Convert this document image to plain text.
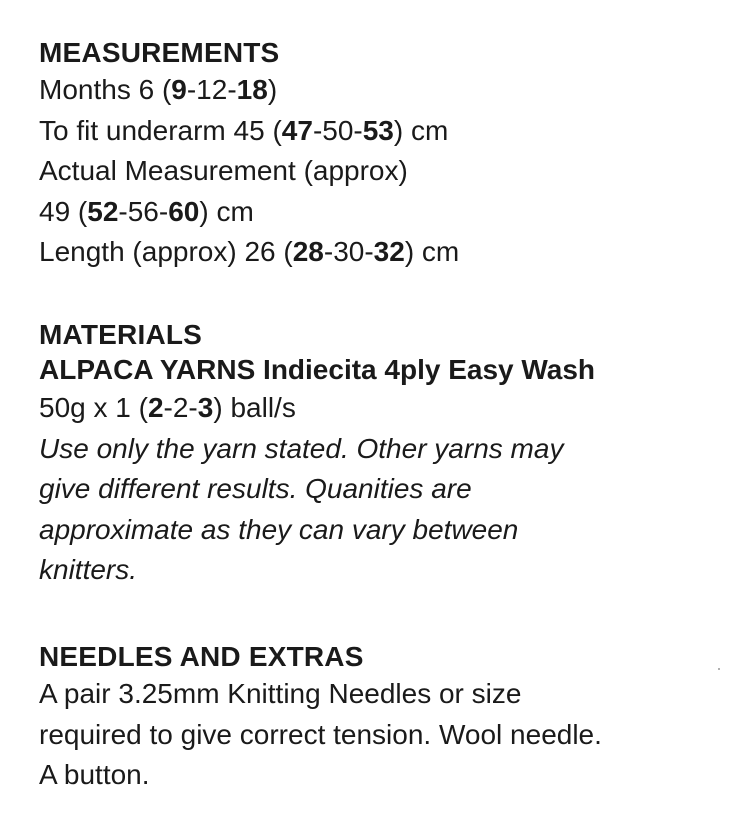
MEASUREMENTS
Months 6 (9-12-18)
To fit underarm 45 (47-50-53) cm
Actual Measurement (approx)
49 (52-56-60) cm
Length (approx) 26 (28-30-32) cm
MATERIALS
ALPACA YARNS Indiecita 4ply Easy Wash
50g x 1 (2-2-3) ball/s
Use only the yarn stated. Other yarns may
give different results. Quanities are
approximate as they can vary between
knitters.
NEEDLES AND EXTRAS
A pair 3.25mm Knitting Needles or size
required to give correct tension. Wool needle.
A button.
